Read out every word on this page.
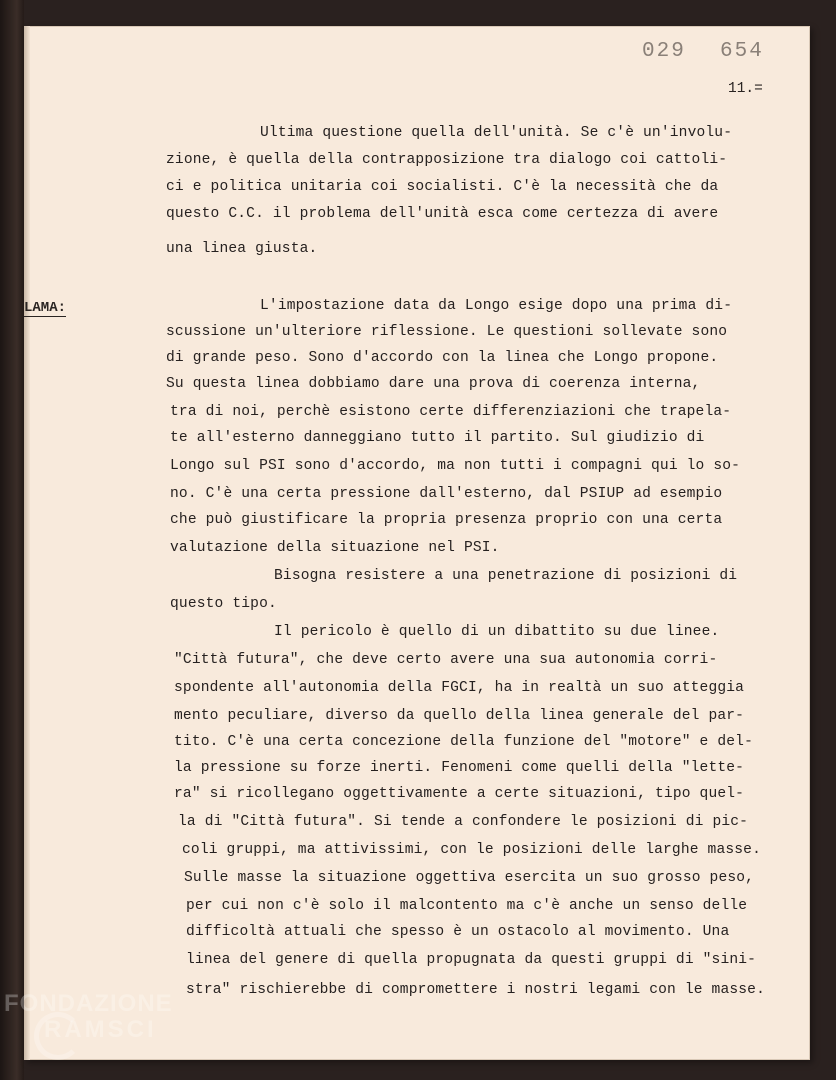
029 654
11.=
LAMA:
Ultima questione quella dell'unità. Se c'è un'involu-
zione, è quella della contrapposizione tra dialogo coi cattoli-
ci e politica unitaria coi socialisti. C'è la necessità che da
questo C.C. il problema dell'unità esca come certezza di avere
una linea giusta.
L'impostazione data da Longo esige dopo una prima di-
scussione un'ulteriore riflessione. Le questioni sollevate sono
di grande peso. Sono d'accordo con la linea che Longo propone.
Su questa linea dobbiamo dare una prova di coerenza interna,
tra di noi, perchè esistono certe differenziazioni che trapela-
te all'esterno danneggiano tutto il partito. Sul giudizio di
Longo sul PSI sono d'accordo, ma non tutti i compagni qui lo so-
no. C'è una certa pressione dall'esterno, dal PSIUP ad esempio
che può giustificare la propria presenza proprio con una certa
valutazione della situazione nel PSI.
Bisogna resistere a una penetrazione di posizioni di
questo tipo.
Il pericolo è quello di un dibattito su due linee.
"Città futura", che deve certo avere una sua autonomia corri-
spondente all'autonomia della FGCI, ha in realtà un suo atteggia
mento peculiare, diverso da quello della linea generale del par-
tito. C'è una certa concezione della funzione del "motore" e del-
la pressione su forze inerti. Fenomeni come quelli della "lette-
ra" si ricollegano oggettivamente a certe situazioni, tipo quel-
la di "Città futura". Si tende a confondere le posizioni di pic-
coli gruppi, ma attivissimi, con le posizioni delle larghe masse.
Sulle masse la situazione oggettiva esercita un suo grosso peso,
per cui non c'è solo il malcontento ma c'è anche un senso delle
difficoltà attuali che spesso è un ostacolo al movimento. Una
linea del genere di quella propugnata da questi gruppi di "sini-
stra" rischierebbe di compromettere i nostri legami con le masse.
FONDAZIONE
RAMSCI
